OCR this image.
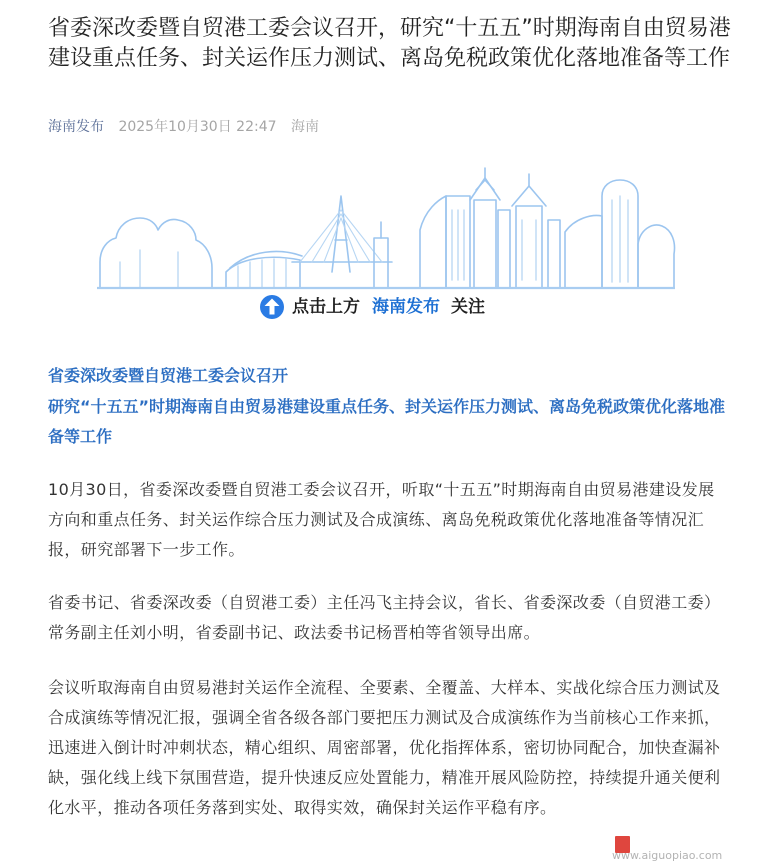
省委深改委暨自贸港工委会议召开，研究“十五五”时期海南自由贸易港建设重点任务、封关运作压力测试、离岛免税政策优化落地准备等工作
海南发布 2025年10月30日 22:47 海南
点击上方 海南发布 关注
省委深改委暨自贸港工委会议召开
研究“十五五”时期海南自由贸易港建设重点任务、封关运作压力测试、离岛免税政策优化落地准备等工作

10月30日，省委深改委暨自贸港工委会议召开，听取“十五五”时期海南自由贸易港建设发展方向和重点任务、封关运作综合压力测试及合成演练、离岛免税政策优化落地准备等情况汇报，研究部署下一步工作。

省委书记、省委深改委（自贸港工委）主任冯飞主持会议，省长、省委深改委（自贸港工委）常务副主任刘小明，省委副书记、政法委书记杨晋柏等省领导出席。

会议听取海南自由贸易港封关运作全流程、全要素、全覆盖、大样本、实战化综合压力测试及合成演练等情况汇报，强调全省各级各部门要把压力测试及合成演练作为当前核心工作来抓，迅速进入倒计时冲刺状态，精心组织、周密部署，优化指挥体系，密切协同配合，加快查漏补缺，强化线上线下氛围营造，提升快速反应处置能力，精准开展风险防控，持续提升通关便利化水平，推动各项任务落到实处、取得实效，确保封关运作平稳有序。

www.aiguopiao.com
